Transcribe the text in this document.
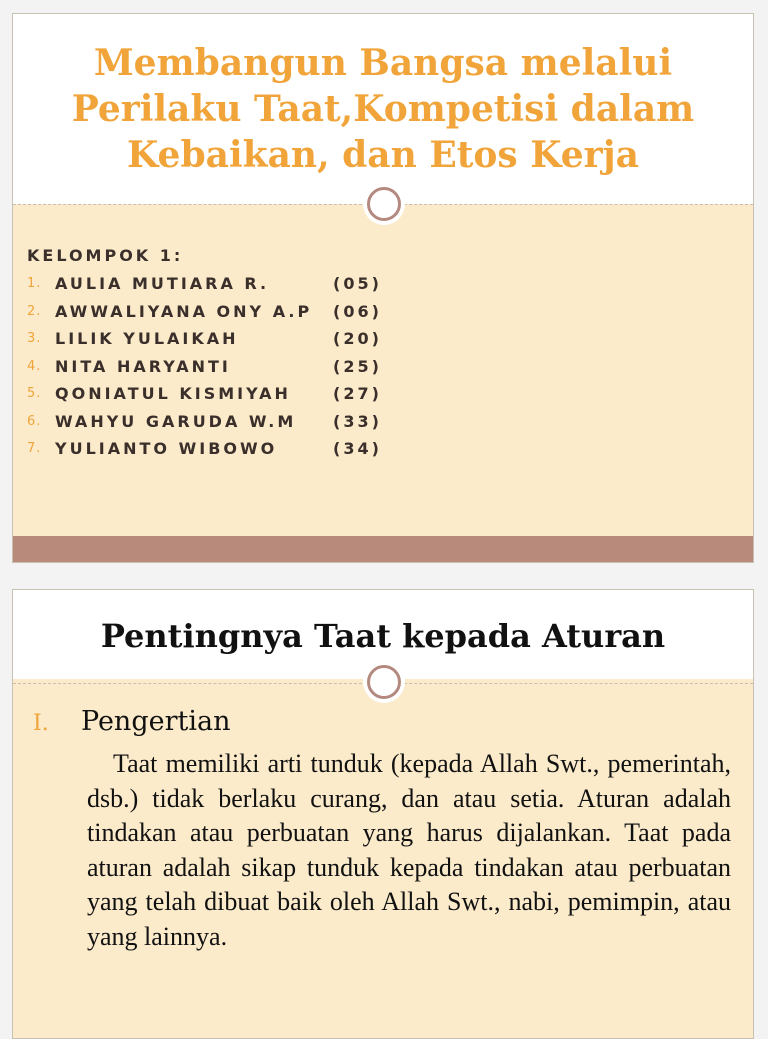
Membangun Bangsa melalui
Perilaku Taat,Kompetisi dalam
Kebaikan, dan Etos Kerja
KELOMPOK 1:
1. AULIA MUTIARA R.	(05)
2. AWWALIYANA ONY A.P	(06)
3. LILIK YULAIKAH	(20)
4. NITA HARYANTI	(25)
5. QONIATUL KISMIYAH	(27)
6. WAHYU GARUDA W.M	(33)
7. YULIANTO WIBOWO	(34)
Pentingnya Taat kepada Aturan
I.	Pengertian

Taat memiliki arti tunduk (kepada Allah Swt., pemerintah, dsb.) tidak berlaku curang, dan atau setia. Aturan adalah tindakan atau perbuatan yang harus dijalankan. Taat pada aturan adalah sikap tunduk kepada tindakan atau perbuatan yang telah dibuat baik oleh Allah Swt., nabi, pemimpin, atau yang lainnya.
